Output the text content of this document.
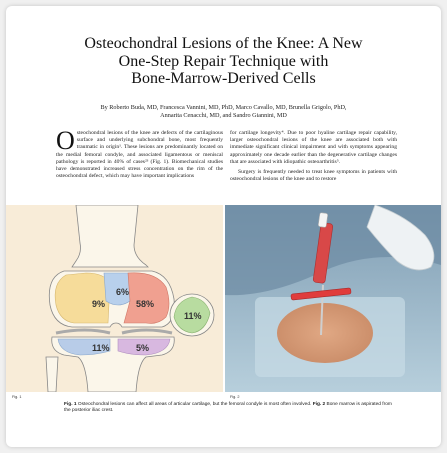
Osteochondral Lesions of the Knee: A New
One-Step Repair Technique with
Bone-Marrow-Derived Cells
By Roberto Buda, MD, Francesca Vannini, MD, PhD, Marco Cavallo, MD, Brunella Grigolo, PhD,
Annarita Cenacchi, MD, and Sandro Giannini, MD
O steochondral lesions of the knee are defects of the cartilaginous surface and underlying subchondral bone, most frequently traumatic in origin¹. These lesions are predominantly located on the medial femoral condyle, and associated ligamentous or meniscal pathology is reported in 40% of cases²³ (Fig. 1). Biomechanical studies have demonstrated increased stress concentration on the rim of the osteochondral defect, which may have important implications

for cartilage longevity⁴. Due to poor hyaline cartilage repair capability, larger osteochondral lesions of the knee are associated both with immediate significant clinical impairment and with symptoms appearing approximately one decade earlier than the degenerative cartilage changes that are associated with idiopathic osteoarthritis⁵.

Surgery is frequently needed to treat knee symptoms in patients with osteochondral lesions of the knee and to restore

9%
6%
58%
11%
11%	5%
Fig. 1	Fig. 2
Fig. 1 Osteochondral lesions can affect all areas of articular cartilage, but the femoral condyle is most often involved. Fig. 2 Bone marrow is aspirated from the posterior iliac crest.
